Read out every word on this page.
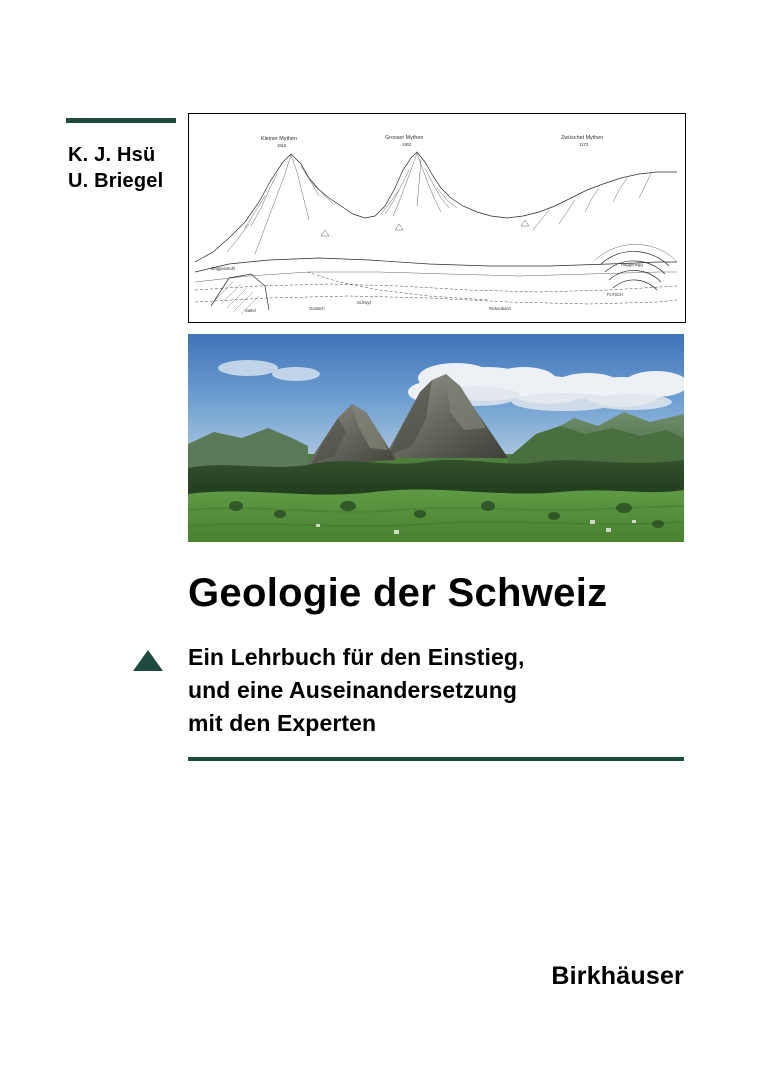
K. J. Hsü
U. Briegel
Kleiner Mythen
1815
Grosser Mythen
1902
Zwüschet Mythen
1173
Zinggenstuhl
Sattel
Schwyz
Rickenbach
FLYSCH
Haggenegg
Gontsch
Geologie der Schweiz
Ein Lehrbuch für den Einstieg,
und eine Auseinandersetzung
mit den Experten
Birkhäuser
